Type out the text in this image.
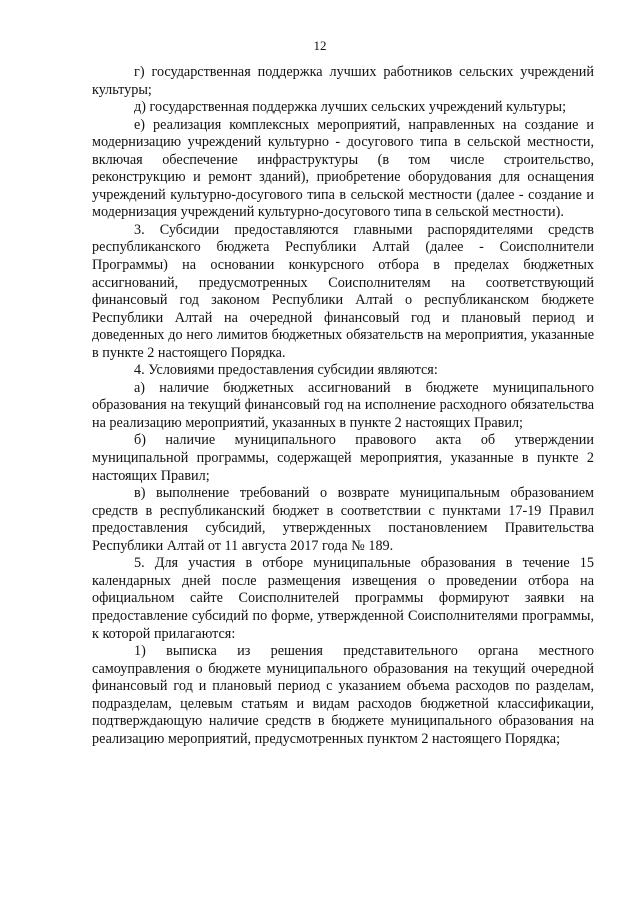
12

г) государственная поддержка лучших работников сельских учреждений культуры;

д) государственная поддержка лучших сельских учреждений культуры;

е) реализация комплексных мероприятий, направленных на создание и модернизацию учреждений культурно - досугового типа в сельской местности, включая обеспечение инфраструктуры (в том числе строительство, реконструкцию и ремонт зданий), приобретение оборудования для оснащения учреждений культурно-досугового типа в сельской местности (далее - создание и модернизация учреждений культурно-досугового типа в сельской местности).

3. Субсидии предоставляются главными распорядителями средств республиканского бюджета Республики Алтай (далее - Соисполнители Программы) на основании конкурсного отбора в пределах бюджетных ассигнований, предусмотренных Соисполнителям на соответствующий финансовый год законом Республики Алтай о республиканском бюджете Республики Алтай на очередной финансовый год и плановый период и доведенных до него лимитов бюджетных обязательств на мероприятия, указанные в пункте 2 настоящего Порядка.

4. Условиями предоставления субсидии являются:

а) наличие бюджетных ассигнований в бюджете муниципального образования на текущий финансовый год на исполнение расходного обязательства на реализацию мероприятий, указанных в пункте 2 настоящих Правил;

б) наличие муниципального правового акта об утверждении муниципальной программы, содержащей мероприятия, указанные в пункте 2 настоящих Правил;

в) выполнение требований о возврате муниципальным образованием средств в республиканский бюджет в соответствии с пунктами 17-19 Правил предоставления субсидий, утвержденных постановлением Правительства Республики Алтай от 11 августа 2017 года № 189.

5. Для участия в отборе муниципальные образования в течение 15 календарных дней после размещения извещения о проведении отбора на официальном сайте Соисполнителей программы формируют заявки на предоставление субсидий по форме, утвержденной Соисполнителями программы, к которой прилагаются:

1) выписка из решения представительного органа местного самоуправления о бюджете муниципального образования на текущий очередной финансовый год и плановый период с указанием объема расходов по разделам, подразделам, целевым статьям и видам расходов бюджетной классификации, подтверждающую наличие средств в бюджете муниципального образования на реализацию мероприятий, предусмотренных пунктом 2 настоящего Порядка;
